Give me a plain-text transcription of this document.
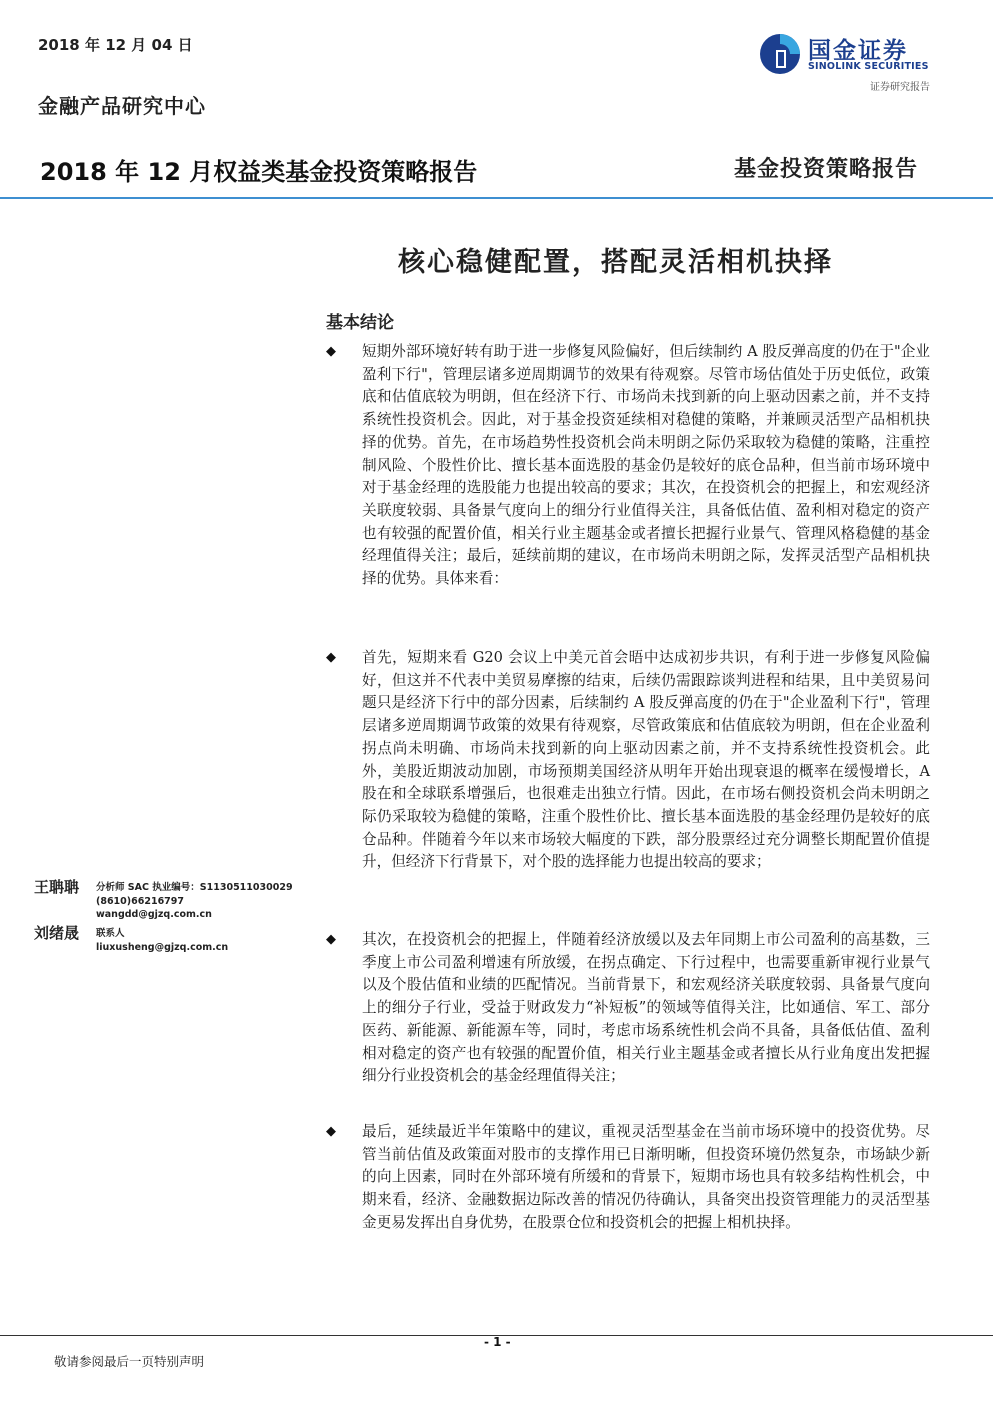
2018 年 12 月 04 日
金融产品研究中心
国金证券
SINOLINK SECURITIES
证券研究报告
2018 年 12 月权益类基金投资策略报告	基金投资策略报告
核心稳健配置，搭配灵活相机抉择
基本结论
◆ 短期外部环境好转有助于进一步修复风险偏好，但后续制约 A 股反弹高度的仍在于"企业盈利下行"，管理层诸多逆周期调节的效果有待观察。尽管市场估值处于历史低位，政策底和估值底较为明朗，但在经济下行、市场尚未找到新的向上驱动因素之前，并不支持系统性投资机会。因此，对于基金投资延续相对稳健的策略，并兼顾灵活型产品相机抉择的优势。首先，在市场趋势性投资机会尚未明朗之际仍采取较为稳健的策略，注重控制风险、个股性价比、擅长基本面选股的基金仍是较好的底仓品种，但当前市场环境中对于基金经理的选股能力也提出较高的要求；其次，在投资机会的把握上，和宏观经济关联度较弱、具备景气度向上的细分行业值得关注，具备低估值、盈利相对稳定的资产也有较强的配置价值，相关行业主题基金或者擅长把握行业景气、管理风格稳健的基金经理值得关注；最后，延续前期的建议，在市场尚未明朗之际，发挥灵活型产品相机抉择的优势。具体来看：
◆ 首先，短期来看 G20 会议上中美元首会晤中达成初步共识，有利于进一步修复风险偏好，但这并不代表中美贸易摩擦的结束，后续仍需跟踪谈判进程和结果，且中美贸易问题只是经济下行中的部分因素，后续制约 A 股反弹高度的仍在于"企业盈利下行"，管理层诸多逆周期调节政策的效果有待观察，尽管政策底和估值底较为明朗，但在企业盈利拐点尚未明确、市场尚未找到新的向上驱动因素之前，并不支持系统性投资机会。此外，美股近期波动加剧，市场预期美国经济从明年开始出现衰退的概率在缓慢增长，A 股在和全球联系增强后，也很难走出独立行情。因此，在市场右侧投资机会尚未明朗之际仍采取较为稳健的策略，注重个股性价比、擅长基本面选股的基金经理仍是较好的底仓品种。伴随着今年以来市场较大幅度的下跌，部分股票经过充分调整长期配置价值提升，但经济下行背景下，对个股的选择能力也提出较高的要求；
◆ 其次，在投资机会的把握上，伴随着经济放缓以及去年同期上市公司盈利的高基数，三季度上市公司盈利增速有所放缓，在拐点确定、下行过程中，也需要重新审视行业景气以及个股估值和业绩的匹配情况。当前背景下，和宏观经济关联度较弱、具备景气度向上的细分子行业，受益于财政发力“补短板”的领域等值得关注，比如通信、军工、部分医药、新能源、新能源车等，同时，考虑市场系统性机会尚不具备，具备低估值、盈利相对稳定的资产也有较强的配置价值，相关行业主题基金或者擅长从行业角度出发把握细分行业投资机会的基金经理值得关注；
◆ 最后，延续最近半年策略中的建议，重视灵活型基金在当前市场环境中的投资优势。尽管当前估值及政策面对股市的支撑作用已日渐明晰，但投资环境仍然复杂，市场缺少新的向上因素，同时在外部环境有所缓和的背景下，短期市场也具有较多结构性机会，中期来看，经济、金融数据边际改善的情况仍待确认，具备突出投资管理能力的灵活型基金更易发挥出自身优势，在股票仓位和投资机会的把握上相机抉择。
王聃聃 分析师 SAC 执业编号：S1130511030029
(8610)66216797
wangdd@gjzq.com.cn
刘绪晟 联系人
liuxusheng@gjzq.com.cn
- 1 -
敬请参阅最后一页特别声明
